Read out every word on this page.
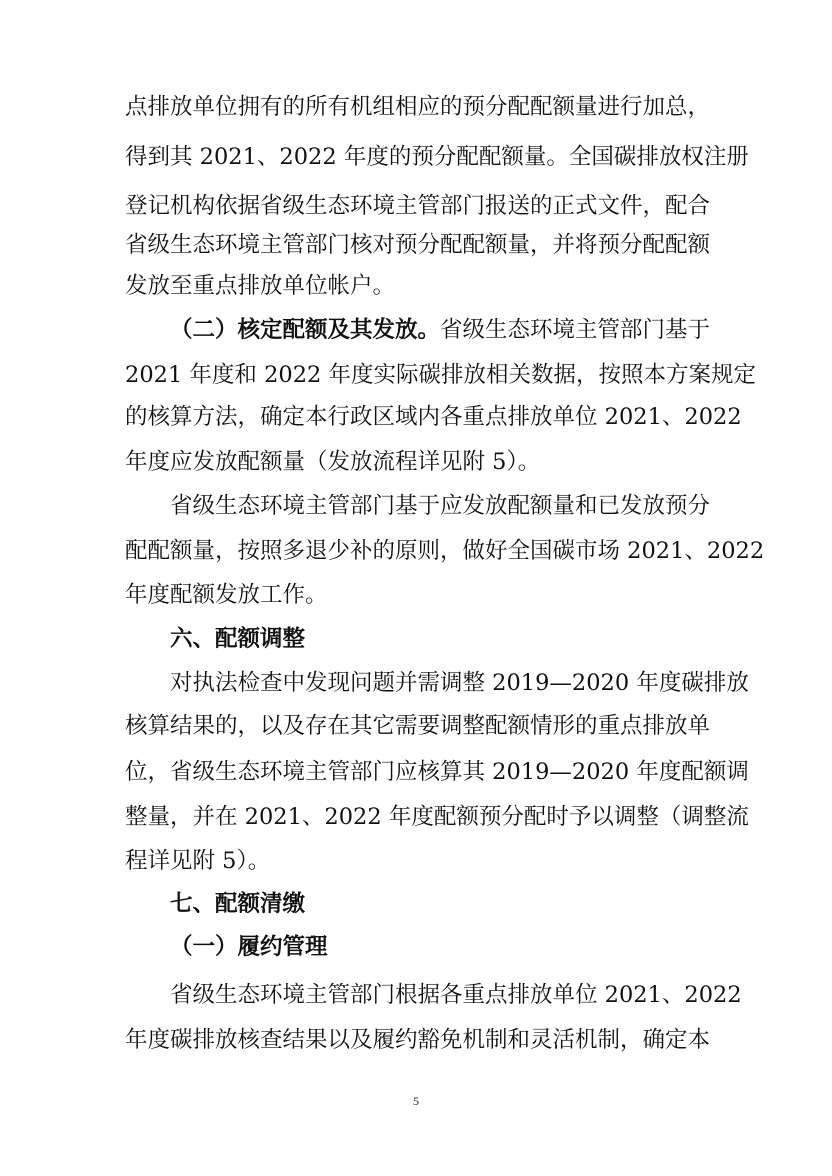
点排放单位拥有的所有机组相应的预分配配额量进行加总，
得到其 2021、2022 年度的预分配配额量。全国碳排放权注册
登记机构依据省级生态环境主管部门报送的正式文件，配合
省级生态环境主管部门核对预分配配额量，并将预分配配额
发放至重点排放单位帐户。
（二）核定配额及其发放。省级生态环境主管部门基于
2021 年度和 2022 年度实际碳排放相关数据，按照本方案规定
的核算方法，确定本行政区域内各重点排放单位 2021、2022
年度应发放配额量（发放流程详见附 5）。
省级生态环境主管部门基于应发放配额量和已发放预分
配配额量，按照多退少补的原则，做好全国碳市场 2021、2022
年度配额发放工作。
六、配额调整
对执法检查中发现问题并需调整 2019—2020 年度碳排放
核算结果的，以及存在其它需要调整配额情形的重点排放单
位，省级生态环境主管部门应核算其 2019—2020 年度配额调
整量，并在 2021、2022 年度配额预分配时予以调整（调整流
程详见附 5）。
七、配额清缴
（一）履约管理
省级生态环境主管部门根据各重点排放单位 2021、2022
年度碳排放核查结果以及履约豁免机制和灵活机制，确定本
5
